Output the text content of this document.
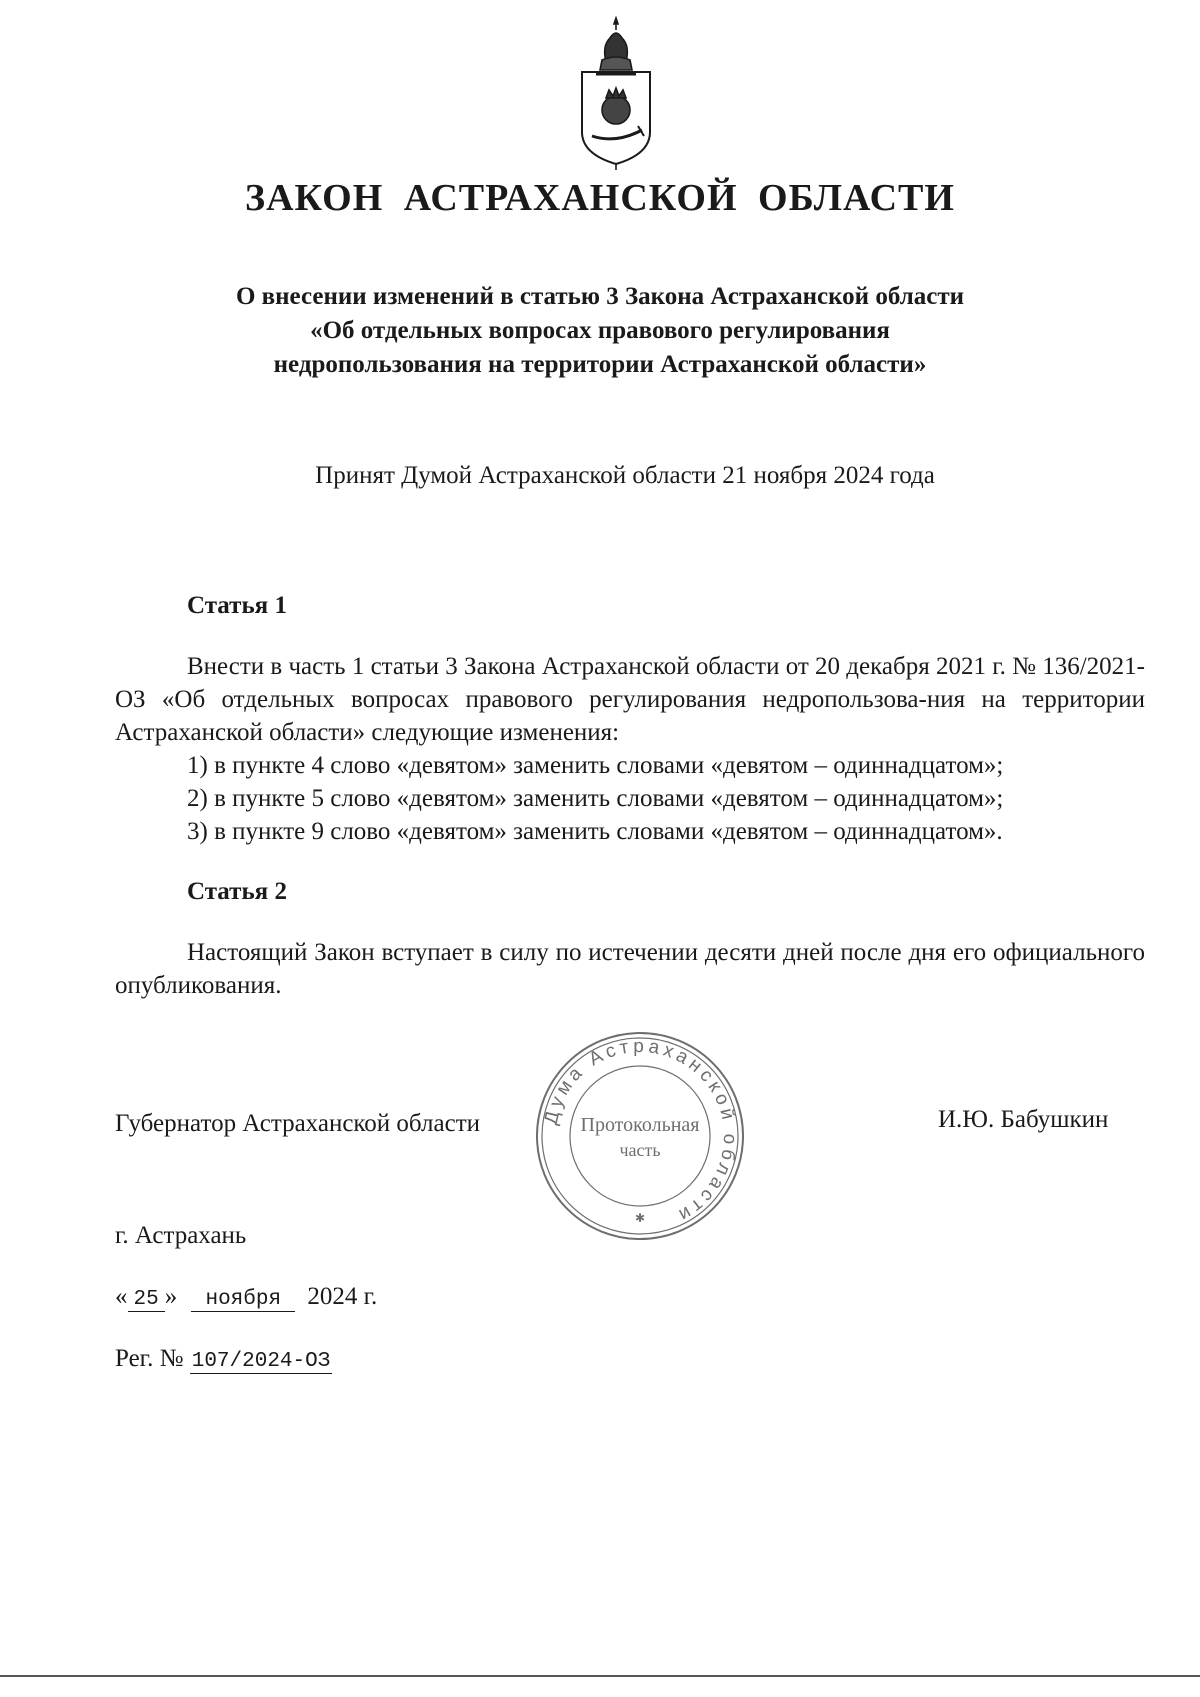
ЗАКОН АСТРАХАНСКОЙ ОБЛАСТИ
О внесении изменений в статью 3 Закона Астраханской области
«Об отдельных вопросах правового регулирования
недропользования на территории Астраханской области»
Принят Думой Астраханской области 21 ноября 2024 года
Статья 1

Внести в часть 1 статьи 3 Закона Астраханской области от 20 декабря 2021 г. № 136/2021-ОЗ «Об отдельных вопросах правового регулирования недропользова-ния на территории Астраханской области» следующие изменения:

1) в пункте 4 слово «девятом» заменить словами «девятом – одиннадцатом»;

2) в пункте 5 слово «девятом» заменить словами «девятом – одиннадцатом»;

3) в пункте 9 слово «девятом» заменить словами «девятом – одиннадцатом».

Статья 2

Настоящий Закон вступает в силу по истечении десяти дней после дня его официального опубликования.

Губернатор Астраханской области	И.Ю. Бабушкин
Дума Астраханской области
Протокольная
часть
✱
г. Астрахань
« 25 » ноября 2024 г.
Рег. № 107/2024-ОЗ
